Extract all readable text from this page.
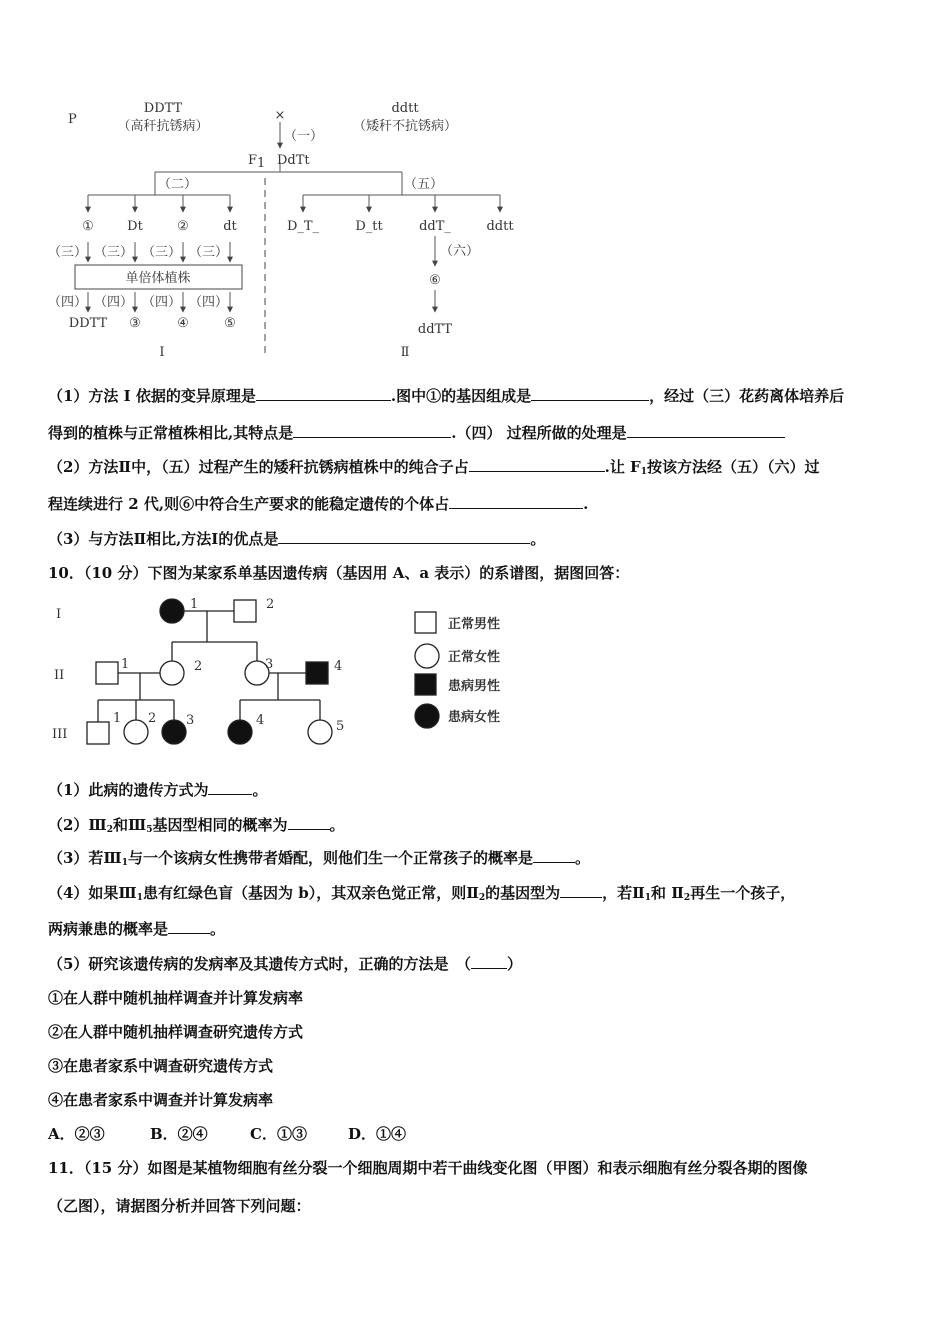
P
DDTT
（高秆抗锈病）
ddtt
（矮秆不抗锈病）
×
（一）
F 1 DdTt
（二）	（五）
①	Dt	②	dt
（三） （三） （三） （三）
单倍体植株
（四） （四） （四） （四）
DDTT ③	④	⑤
D_T_	D_tt	ddT_	ddtt
（六）
⑥
ddTT
I	Ⅱ
（1）方法 I 依据的变异原理是	.图中①的基因组成是	，经过（三）花药离体培养后
得到的植株与正常植株相比,其特点是	.（四） 过程所做的处理是
（2）方法Ⅱ中，（五）过程产生的矮秆抗锈病植株中的纯合子占	.让 $F_1$按该方法经（五）（六）过
程连续进行 2 代,则⑥中符合生产要求的能稳定遗传的个体占	.
（3）与方法Ⅱ相比,方法Ⅰ的优点是	。
10．（10 分）下图为某家系单基因遗传病（基因用 A、a 表示）的系谱图，据图回答：
I
II
III
1	2
1	2	3	4
1 2 3	4	5
正常男性
正常女性
患病男性
患病女性
（1）此病的遗传方式为	。
$(2)Ⅲ_2$和$Ⅲ_5$基因型相同的概率为	。
（3）若$Ⅲ_1$与一个该病女性携带者婚配，则他们生一个正常孩子的概率是	。
（4）如果$Ⅲ_1$患有红绿色盲（基因为 b），其双亲色觉正常，则$Ⅱ_2$的基因型为	，若$Ⅱ_1$和 $Ⅱ_2$再生一个孩子，
两病兼患的概率是	。
（5）研究该遗传病的发病率及其遗传方式时，正确的方法是　（ ）
①在人群中随机抽样调查并计算发病率
②在人群中随机抽样调查研究遗传方式
③在患者家系中调查研究遗传方式
④在患者家系中调查并计算发病率
A．②③	B．②④	C．①③	D．①④
11．（15 分）如图是某植物细胞有丝分裂一个细胞周期中若干曲线变化图（甲图）和表示细胞有丝分裂各期的图像
（乙图），请据图分析并回答下列问题：
